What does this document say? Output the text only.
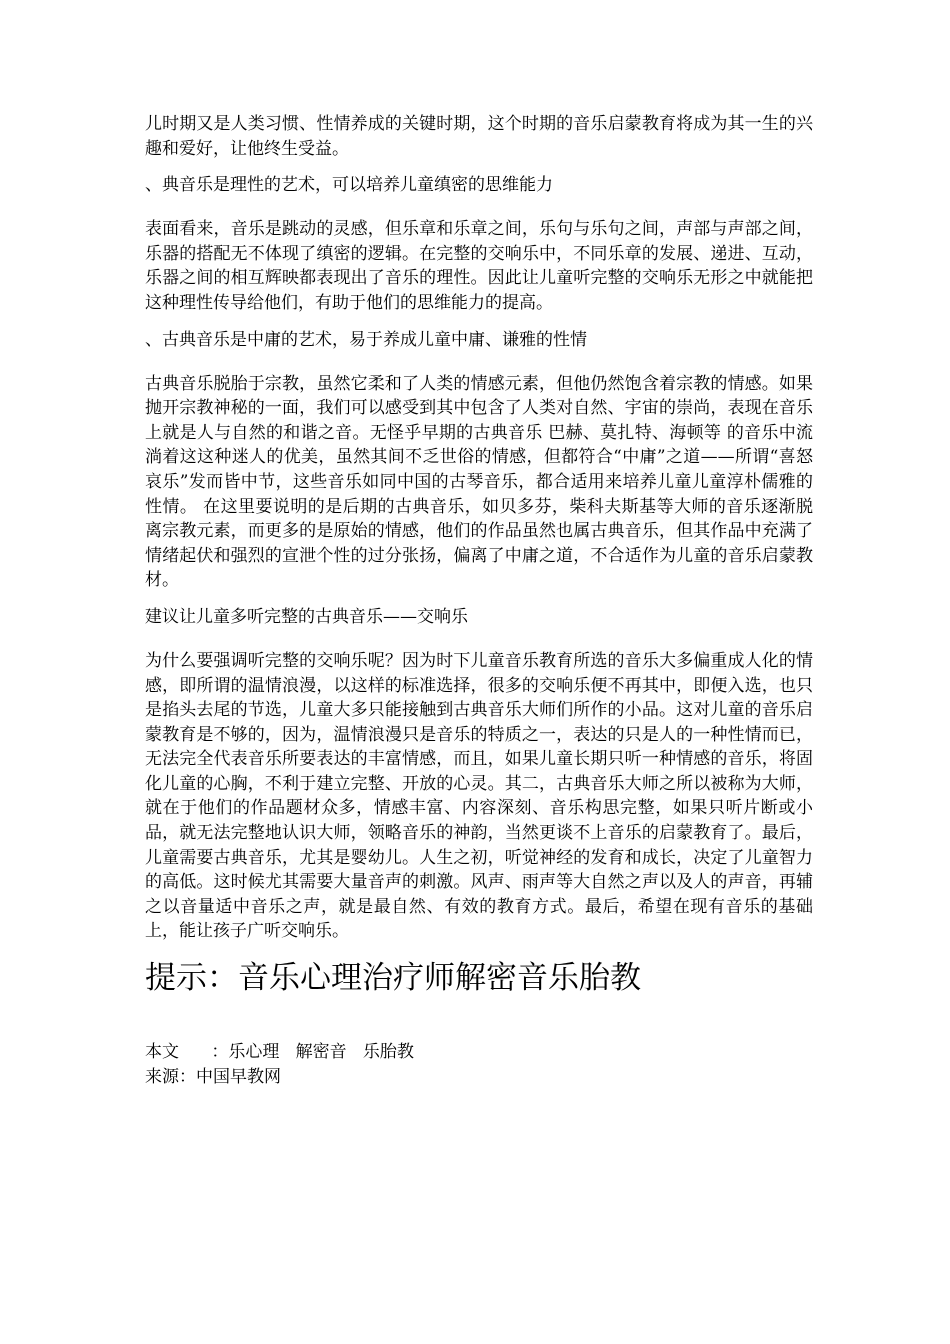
儿时期又是人类习惯、性情养成的关键时期，这个时期的音乐启蒙教育将成为其一生的兴趣和爱好，让他终生受益。

、典音乐是理性的艺术，可以培养儿童缜密的思维能力

表面看来，音乐是跳动的灵感，但乐章和乐章之间，乐句与乐句之间，声部与声部之间，乐器的搭配无不体现了缜密的逻辑。在完整的交响乐中，不同乐章的发展、递进、互动，乐器之间的相互辉映都表现出了音乐的理性。因此让儿童听完整的交响乐无形之中就能把这种理性传导给他们，有助于他们的思维能力的提高。

、古典音乐是中庸的艺术，易于养成儿童中庸、谦雅的性情

古典音乐脱胎于宗教，虽然它柔和了人类的情感元素，但他仍然饱含着宗教的情感。如果抛开宗教神秘的一面，我们可以感受到其中包含了人类对自然、宇宙的崇尚，表现在音乐上就是人与自然的和谐之音。无怪乎早期的古典音乐 巴赫、莫扎特、海顿等 的音乐中流淌着这这种迷人的优美，虽然其间不乏世俗的情感，但都符合“中庸”之道——所谓“喜怒哀乐”发而皆中节，这些音乐如同中国的古琴音乐，都合适用来培养儿童儿童淳朴儒雅的性情。 在这里要说明的是后期的古典音乐，如贝多芬，柴科夫斯基等大师的音乐逐渐脱离宗教元素，而更多的是原始的情感，他们的作品虽然也属古典音乐，但其作品中充满了情绪起伏和强烈的宣泄个性的过分张扬，偏离了中庸之道，不合适作为儿童的音乐启蒙教材。

建议让儿童多听完整的古典音乐——交响乐

为什么要强调听完整的交响乐呢？因为时下儿童音乐教育所选的音乐大多偏重成人化的情感，即所谓的温情浪漫，以这样的标准选择，很多的交响乐便不再其中，即便入选，也只是掐头去尾的节选，儿童大多只能接触到古典音乐大师们所作的小品。这对儿童的音乐启蒙教育是不够的，因为，温情浪漫只是音乐的特质之一，表达的只是人的一种性情而已，无法完全代表音乐所要表达的丰富情感，而且，如果儿童长期只听一种情感的音乐，将固化儿童的心胸，不利于建立完整、开放的心灵。其二，古典音乐大师之所以被称为大师，就在于他们的作品题材众多，情感丰富、内容深刻、音乐构思完整，如果只听片断或小品，就无法完整地认识大师，领略音乐的神韵，当然更谈不上音乐的启蒙教育了。最后，儿童需要古典音乐，尤其是婴幼儿。人生之初，听觉神经的发育和成长，决定了儿童智力的高低。这时候尤其需要大量音声的刺激。风声、雨声等大自然之声以及人的声音，再辅之以音量适中音乐之声，就是最自然、有效的教育方式。最后，希望在现有音乐的基础上，能让孩子广听交响乐。

提示：音乐心理治疗师解密音乐胎教

本文      ：乐心理   解密音   乐胎教

来源：中国早教网
